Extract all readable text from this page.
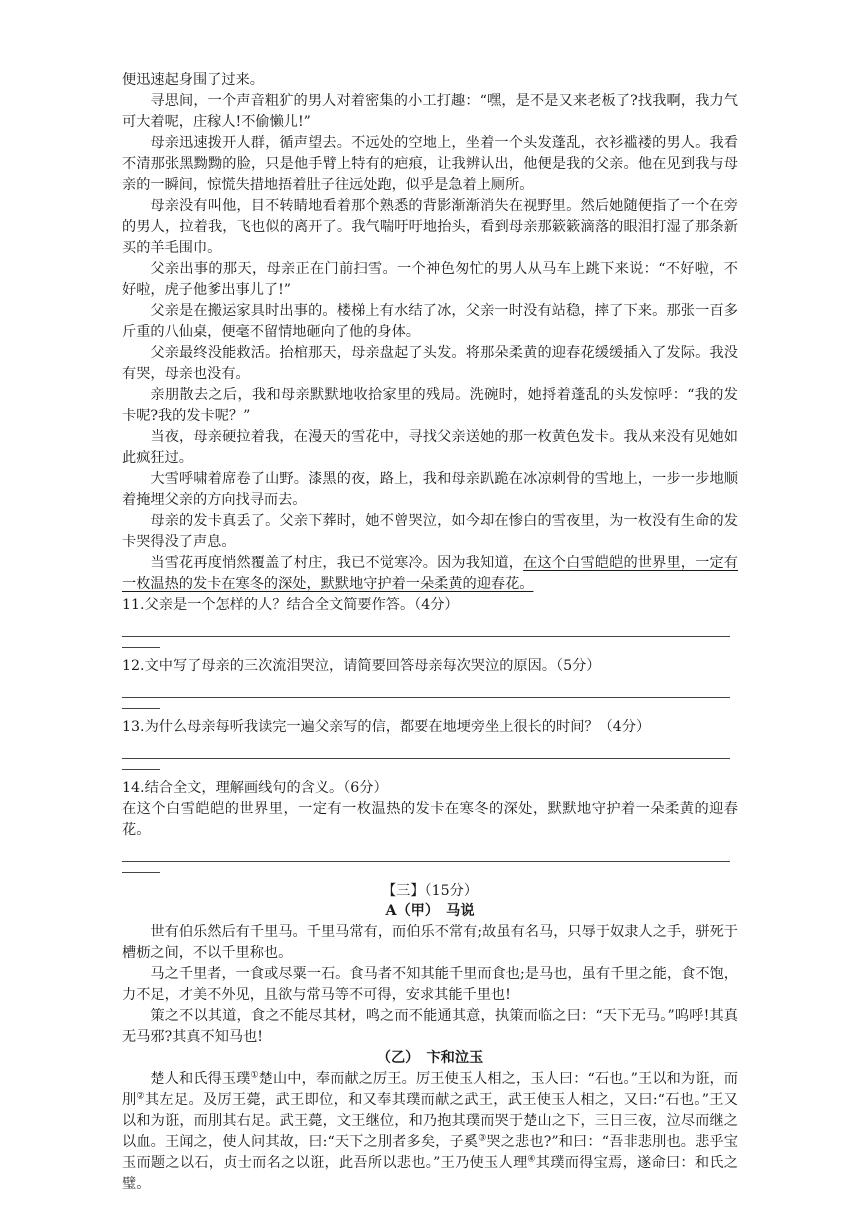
便迅速起身围了过来。

寻思间，一个声音粗犷的男人对着密集的小工打趣：“嘿，是不是又来老板了?找我啊，我力气可大着呢，庄稼人!不偷懒儿!”

母亲迅速拨开人群，循声望去。不远处的空地上，坐着一个头发蓬乱，衣衫褴褛的男人。我看不清那张黑黝黝的脸，只是他手臂上特有的疤痕，让我辨认出，他便是我的父亲。他在见到我与母亲的一瞬间，惊慌失措地捂着肚子往远处跑，似乎是急着上厕所。

母亲没有叫他，目不转睛地看着那个熟悉的背影渐渐消失在视野里。然后她随便指了一个在旁的男人，拉着我，飞也似的离开了。我气喘吁吁地抬头，看到母亲那簌簌滴落的眼泪打湿了那条新买的羊毛围巾。

父亲出事的那天，母亲正在门前扫雪。一个神色匆忙的男人从马车上跳下来说：“不好啦，不好啦，虎子他爹出事儿了!”

父亲是在搬运家具时出事的。楼梯上有水结了冰，父亲一时没有站稳，摔了下来。那张一百多斤重的八仙桌，便毫不留情地砸向了他的身体。

父亲最终没能救活。抬棺那天，母亲盘起了头发。将那朵柔黄的迎春花缓缓插入了发际。我没有哭，母亲也没有。

亲朋散去之后，我和母亲默默地收拾家里的残局。洗碗时，她捋着蓬乱的头发惊呼：“我的发卡呢?我的发卡呢？”

当夜，母亲硬拉着我，在漫天的雪花中，寻找父亲送她的那一枚黄色发卡。我从来没有见她如此疯狂过。

大雪呼啸着席卷了山野。漆黑的夜，路上，我和母亲趴跪在冰凉刺骨的雪地上，一步一步地顺着掩埋父亲的方向找寻而去。

母亲的发卡真丢了。父亲下葬时，她不曾哭泣，如今却在惨白的雪夜里，为一枚没有生命的发卡哭得没了声息。

当雪花再度悄然覆盖了村庄，我已不觉寒冷。因为我知道，在这个白雪皑皑的世界里，一定有一枚温热的发卡在寒冬的深处，默默地守护着一朵柔黄的迎春花。

11.父亲是一个怎样的人？结合全文简要作答。（4分）

12.文中写了母亲的三次流泪哭泣，请简要回答母亲每次哭泣的原因。（5分）

13.为什么母亲每听我读完一遍父亲写的信，都要在地埂旁坐上很长的时间？（4分）

14.结合全文，理解画线句的含义。（6分）

在这个白雪皑皑的世界里，一定有一枚温热的发卡在寒冬的深处，默默地守护着一朵柔黄的迎春花。

【三】（15分）

A（甲）　马说

世有伯乐然后有千里马。千里马常有，而伯乐不常有;故虽有名马，只辱于奴隶人之手，骈死于槽枥之间，不以千里称也。

马之千里者，一食或尽粟一石。食马者不知其能千里而食也;是马也，虽有千里之能，食不饱，力不足，才美不外见，且欲与常马等不可得，安求其能千里也!

策之不以其道，食之不能尽其材，鸣之而不能通其意，执策而临之曰：“天下无马。”呜呼!其真无马邪?其真不知马也!

（乙）　卞和泣玉

楚人和氏得玉璞①楚山中，奉而献之厉王。厉王使玉人相之，玉人曰：“石也。”王以和为诳，而刖②其左足。及厉王薨，武王即位，和又奉其璞而献之武王，武王使玉人相之，又曰:“石也。”王又以和为诳，而刖其右足。武王薨，文王继位，和乃抱其璞而哭于楚山之下，三日三夜，泣尽而继之以血。王闻之，使人问其故，曰:“天下之刖者多矣，子奚③哭之悲也?”和曰：“吾非悲刖也。悲乎宝玉而题之以石，贞士而名之以诳，此吾所以悲也。”王乃使玉人理④其璞而得宝焉，遂命曰：和氏之璧。
